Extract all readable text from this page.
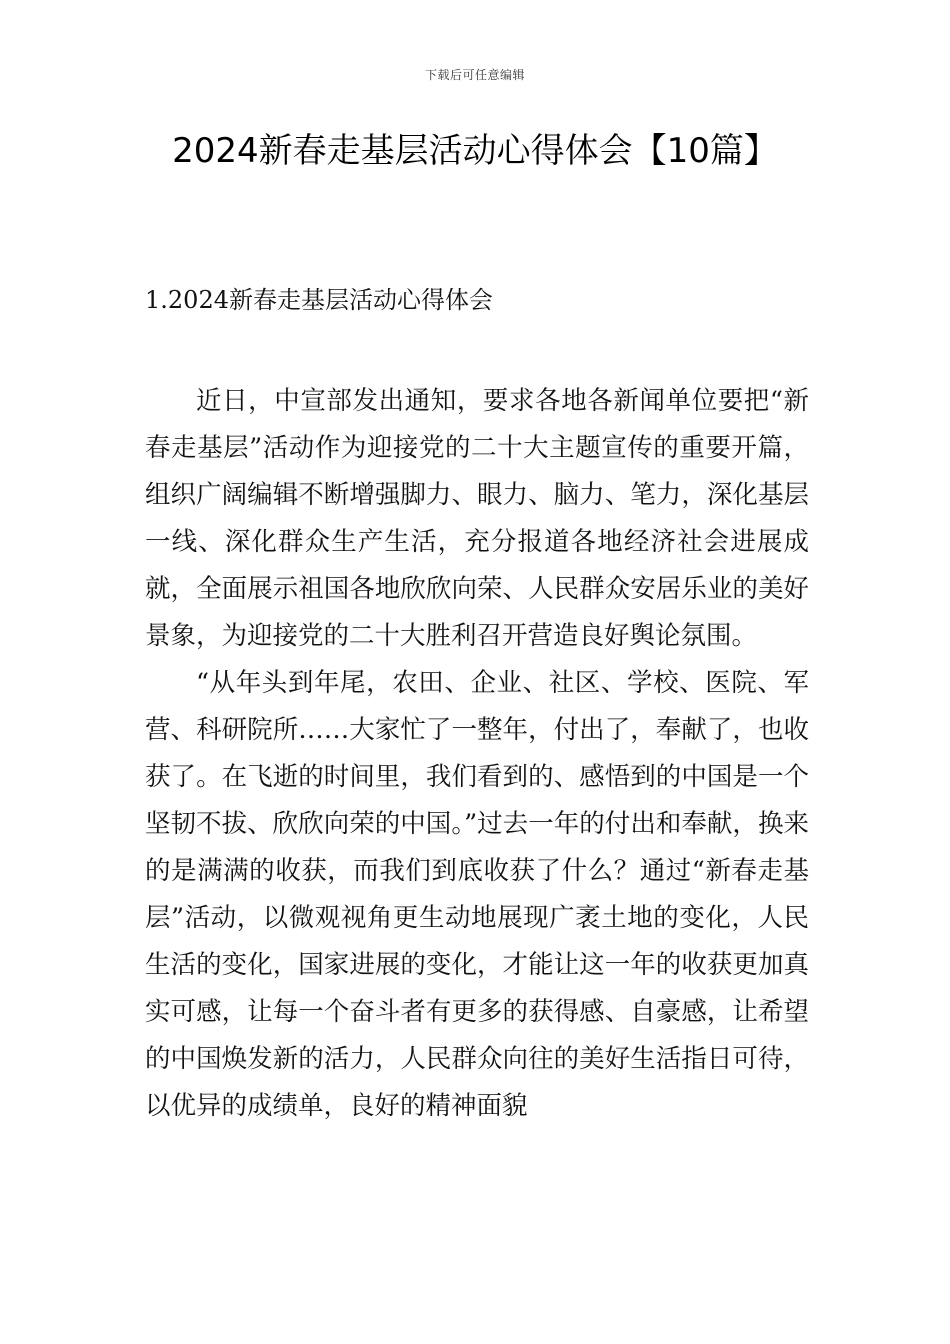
下载后可任意编辑
2024新春走基层活动心得体会【10篇】
1.2024新春走基层活动心得体会

近日，中宣部发出通知，要求各地各新闻单位要把“新春走基层”活动作为迎接党的二十大主题宣传的重要开篇，组织广阔编辑不断增强脚力、眼力、脑力、笔力，深化基层一线、深化群众生产生活，充分报道各地经济社会进展成就，全面展示祖国各地欣欣向荣、人民群众安居乐业的美好景象，为迎接党的二十大胜利召开营造良好舆论氛围。

“从年头到年尾，农田、企业、社区、学校、医院、军营、科研院所……大家忙了一整年，付出了，奉献了，也收获了。在飞逝的时间里，我们看到的、感悟到的中国是一个坚韧不拔、欣欣向荣的中国。”过去一年的付出和奉献，换来的是满满的收获，而我们到底收获了什么？通过“新春走基层”活动，以微观视角更生动地展现广袤土地的变化，人民生活的变化，国家进展的变化，才能让这一年的收获更加真实可感，让每一个奋斗者有更多的获得感、自豪感，让希望的中国焕发新的活力，人民群众向往的美好生活指日可待，以优异的成绩单，良好的精神面貌
